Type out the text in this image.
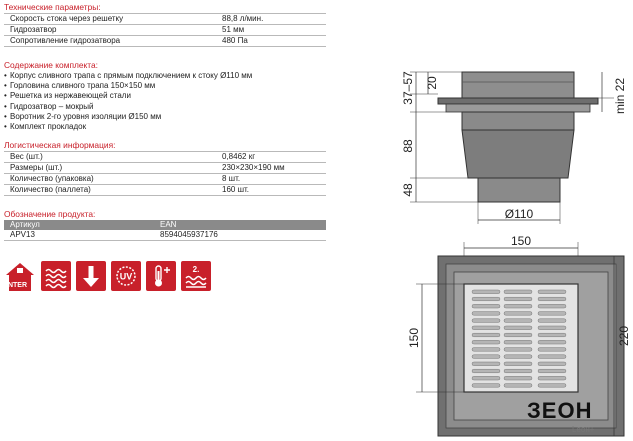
Технические параметры:

Скорость стока через решетку	88,8 л/мин.
Гидрозатвор	51 мм
Сопротивление гидрозатвора	480 Па

Содержание комплекта:

• Корпус сливного трапа с прямым подключением к стоку Ø110 мм
• Горловина сливного трапа 150×150 мм
• Решетка из нержавеющей стали
• Гидрозатвор – мокрый
• Воротник 2-го уровня изоляции Ø150 мм
• Комплект прокладок

Логистическая информация:

Вес (шт.)	0,8462 кг
Размеры (шт.)	230×230×190 мм
Количество (упаковка)	8 шт.
Количество (паллета)	160 шт.

Обозначение продукта:

Артикул	EAN
APV13	8594045937176
INTER
UV
2.
37–57 20
88
48
min 22
Ø110
150
150	220
ЗЕОН
Lеон+
